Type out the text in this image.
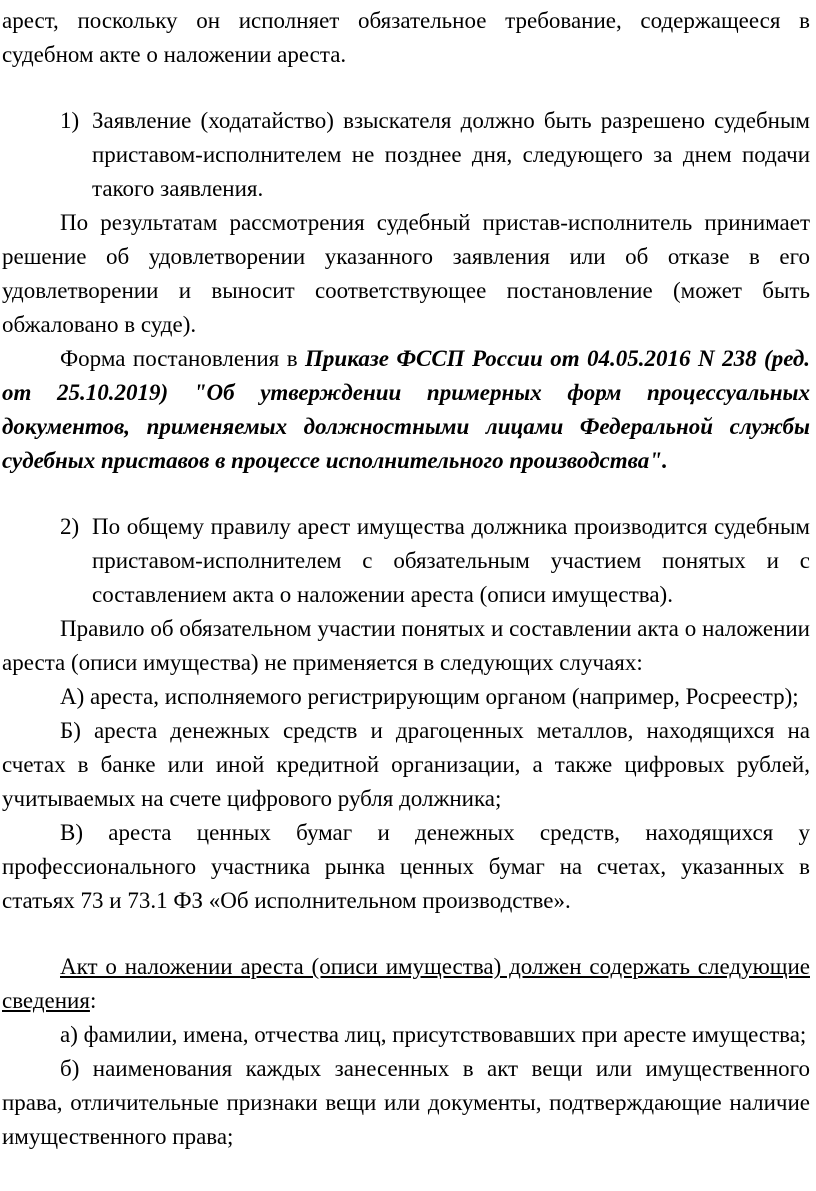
арест, поскольку он исполняет обязательное требование, содержащееся в судебном акте о наложении ареста.

1) Заявление (ходатайство) взыскателя должно быть разрешено судебным приставом-исполнителем не позднее дня, следующего за днем подачи такого заявления.

По результатам рассмотрения судебный пристав-исполнитель принимает решение об удовлетворении указанного заявления или об отказе в его удовлетворении и выносит соответствующее постановление (может быть обжаловано в суде).

Форма постановления в Приказе ФССП России от 04.05.2016 N 238 (ред. от 25.10.2019) "Об утверждении примерных форм процессуальных документов, применяемых должностными лицами Федеральной службы судебных приставов в процессе исполнительного производства".

2) По общему правилу арест имущества должника производится судебным приставом-исполнителем с обязательным участием понятых и с составлением акта о наложении ареста (описи имущества).

Правило об обязательном участии понятых и составлении акта о наложении ареста (описи имущества) не применяется в следующих случаях:

А) ареста, исполняемого регистрирующим органом (например, Росреестр);

Б) ареста денежных средств и драгоценных металлов, находящихся на счетах в банке или иной кредитной организации, а также цифровых рублей, учитываемых на счете цифрового рубля должника;

В) ареста ценных бумаг и денежных средств, находящихся у профессионального участника рынка ценных бумаг на счетах, указанных в статьях 73 и 73.1 ФЗ «Об исполнительном производстве».

Акт о наложении ареста (описи имущества) должен содержать следующие сведения:

а) фамилии, имена, отчества лиц, присутствовавших при аресте имущества;

б) наименования каждых занесенных в акт вещи или имущественного права, отличительные признаки вещи или документы, подтверждающие наличие имущественного права;
